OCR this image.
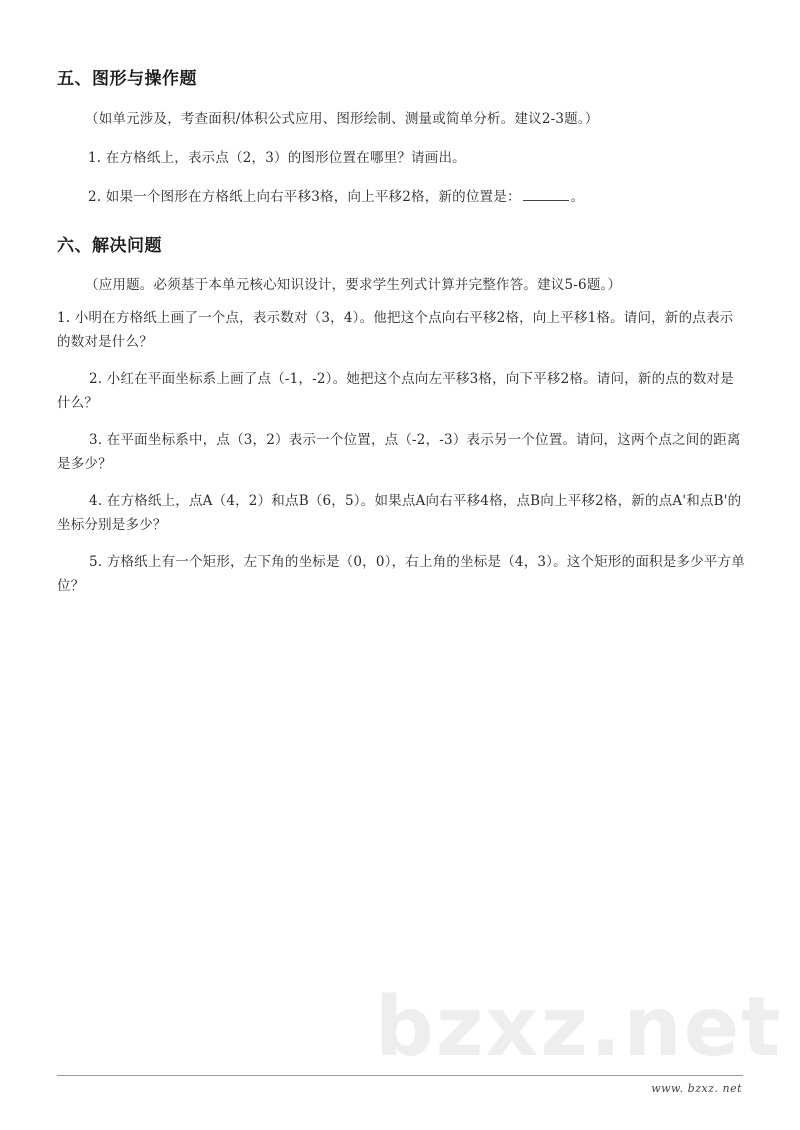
五、图形与操作题
（如单元涉及，考查面积/体积公式应用、图形绘制、测量或简单分析。建议2-3题。）
1. 在方格纸上，表示点（2，3）的图形位置在哪里？请画出。
2. 如果一个图形在方格纸上向右平移3格，向上平移2格，新的位置是：	。
六、解决问题
（应用题。必须基于本单元核心知识设计，要求学生列式计算并完整作答。建议5-6题。）
1. 小明在方格纸上画了一个点，表示数对（3，4）。他把这个点向右平移2格，向上平移1格。请问，新的点表示的数对是什么？
2. 小红在平面坐标系上画了点（-1，-2）。她把这个点向左平移3格，向下平移2格。请问，新的点的数对是什么？
3. 在平面坐标系中，点（3，2）表示一个位置，点（-2，-3）表示另一个位置。请问，这两个点之间的距离是多少？
4. 在方格纸上，点A（4，2）和点B（6，5）。如果点A向右平移4格，点B向上平移2格，新的点A'和点B'的坐标分别是多少？
5. 方格纸上有一个矩形，左下角的坐标是（0，0），右上角的坐标是（4，3）。这个矩形的面积是多少平方单位？
bzxz.net
www. bzxz. net
